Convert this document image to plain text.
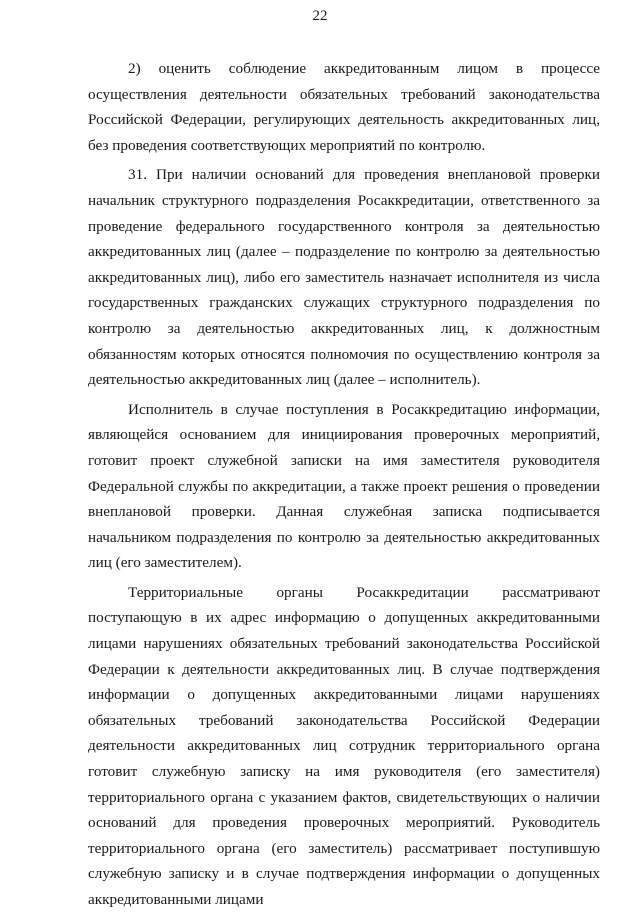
22

2) оценить соблюдение аккредитованным лицом в процессе осуществления деятельности обязательных требований законодательства Российской Федерации, регулирующих деятельность аккредитованных лиц, без проведения соответствующих мероприятий по контролю.

31. При наличии оснований для проведения внеплановой проверки начальник структурного подразделения Росаккредитации, ответственного за проведение федерального государственного контроля за деятельностью аккредитованных лиц (далее – подразделение по контролю за деятельностью аккредитованных лиц), либо его заместитель назначает исполнителя из числа государственных гражданских служащих структурного подразделения по контролю за деятельностью аккредитованных лиц, к должностным обязанностям которых относятся полномочия по осуществлению контроля за деятельностью аккредитованных лиц (далее – исполнитель).

Исполнитель в случае поступления в Росаккредитацию информации, являющейся основанием для инициирования проверочных мероприятий, готовит проект служебной записки на имя заместителя руководителя Федеральной службы по аккредитации, а также проект решения о проведении внеплановой проверки. Данная служебная записка подписывается начальником подразделения по контролю за деятельностью аккредитованных лиц (его заместителем).

Территориальные органы Росаккредитации рассматривают поступающую в их адрес информацию о допущенных аккредитованными лицами нарушениях обязательных требований законодательства Российской Федерации к деятельности аккредитованных лиц. В случае подтверждения информации о допущенных аккредитованными лицами нарушениях обязательных требований законодательства Российской Федерации деятельности аккредитованных лиц сотрудник территориального органа готовит служебную записку на имя руководителя (его заместителя) территориального органа с указанием фактов, свидетельствующих о наличии оснований для проведения проверочных мероприятий. Руководитель территориального органа (его заместитель) рассматривает поступившую служебную записку и в случае подтверждения информации о допущенных аккредитованными лицами
